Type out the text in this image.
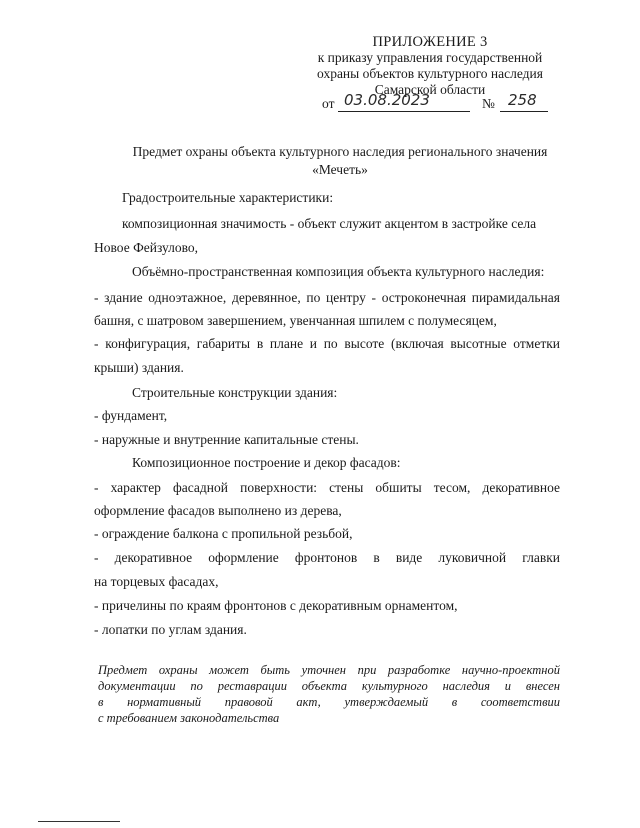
ПРИЛОЖЕНИЕ 3
к приказу управления государственной
охраны объектов культурного наследия
Самарской области
от 03.08.2023	№ 258
Предмет охраны объекта культурного наследия регионального значения
«Мечеть»
Градостроительные характеристики:
композиционная значимость - объект служит акцентом в застройке села
Новое Фейзулово,
Объёмно-пространственная композиция объекта культурного наследия:
- здание одноэтажное, деревянное, по центру - остроконечная пирамидальная
башня, с шатровом завершением, увенчанная шпилем с полумесяцем,
- конфигурация, габариты в плане и по высоте (включая высотные отметки
крыши) здания.
Строительные конструкции здания:
- фундамент,
- наружные и внутренние капитальные стены.
Композиционное построение и декор фасадов:
- характер фасадной поверхности: стены обшиты тесом, декоративное
оформление фасадов выполнено из дерева,
- ограждение балкона с пропильной резьбой,
- декоративное оформление фронтонов в виде луковичной главки
на торцевых фасадах,
- причелины по краям фронтонов с декоративным орнаментом,
- лопатки по углам здания.
Предмет охраны может быть уточнен при разработке научно-проектной
документации по реставрации объекта культурного наследия и внесен
в нормативный правовой акт, утверждаемый в соответствии
с требованием законодательства
